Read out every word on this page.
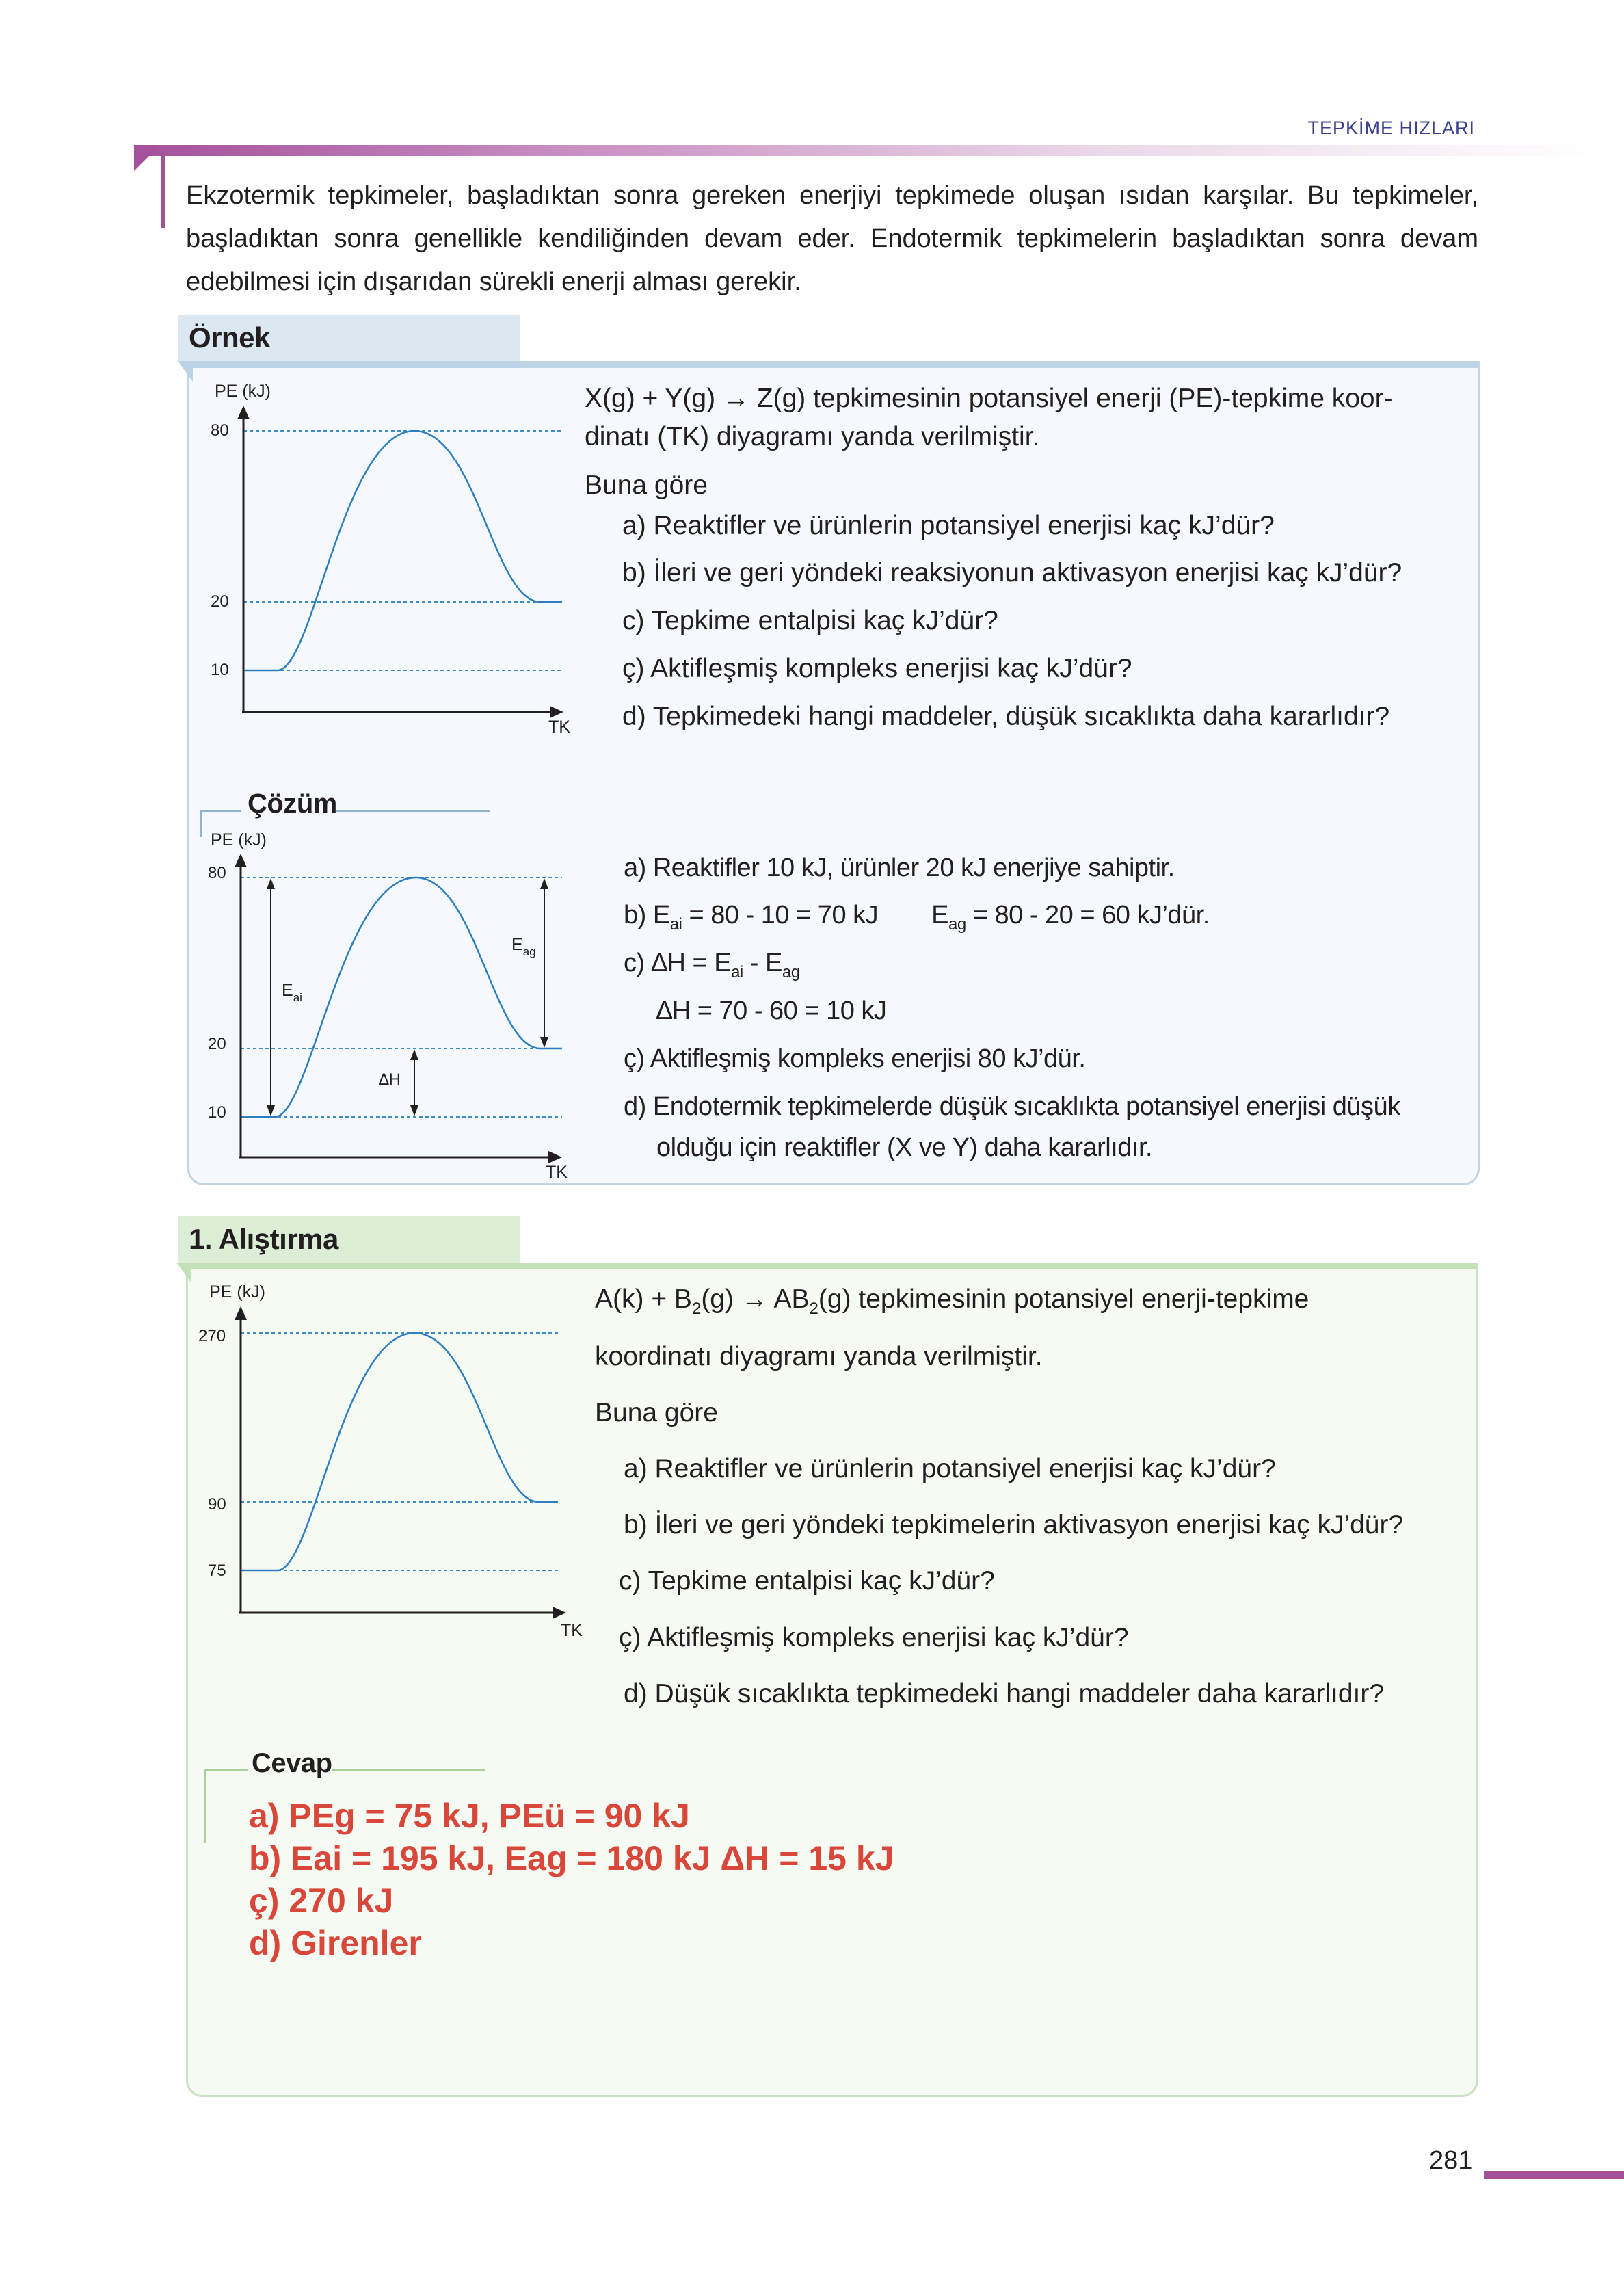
TEPKİME HIZLARI
Ekzotermik tepkimeler, başladıktan sonra gereken enerjiyi tepkimede oluşan ısıdan karşılar. Bu tepkimeler, başladıktan sonra genellikle kendiliğinden devam eder. Endotermik tepkimelerin başladıktan sonra devam edebilmesi için dışarıdan sürekli enerji alması gerekir.
Örnek
PE (kJ)
80
20
10
TK
X(g) + Y(g) → Z(g) tepkimesinin potansiyel enerji (PE)-tepkime koor-
dinatı (TK) diyagramı yanda verilmiştir.
Buna göre
a) Reaktifler ve ürünlerin potansiyel enerjisi kaç kJ’dür?
b) İleri ve geri yöndeki reaksiyonun aktivasyon enerjisi kaç kJ’dür?
c) Tepkime entalpisi kaç kJ’dür?
ç) Aktifleşmiş kompleks enerjisi kaç kJ’dür?
d) Tepkimedeki hangi maddeler, düşük sıcaklıkta daha kararlıdır?
Çözüm
PE (kJ)
80
20
10
TK
$E_{ai}$
$E_{ag}$
∆H
a) Reaktifler 10 kJ, ürünler 20 kJ enerjiye sahiptir.
b) $E_{ai} = 80 - 10 = 70$ kJ $E_{ag} = 80 - 20 = 60$ kJ’dür.
c) $\Delta H = E_{ai} - E_{ag}$
∆H = 70 - 60 = 10 kJ
ç) Aktifleşmiş kompleks enerjisi 80 kJ’dür.
d) Endotermik tepkimelerde düşük sıcaklıkta potansiyel enerjisi düşük
olduğu için reaktifler (X ve Y) daha kararlıdır.
1. Alıştırma
PE (kJ)
270
90
75
TK
$A(k) + B_2(g) \to AB_2(g)$ tepkimesinin potansiyel enerji-tepkime
koordinatı diyagramı yanda verilmiştir.
Buna göre
a) Reaktifler ve ürünlerin potansiyel enerjisi kaç kJ’dür?
b) İleri ve geri yöndeki tepkimelerin aktivasyon enerjisi kaç kJ’dür?
c) Tepkime entalpisi kaç kJ’dür?
ç) Aktifleşmiş kompleks enerjisi kaç kJ’dür?
d) Düşük sıcaklıkta tepkimedeki hangi maddeler daha kararlıdır?
Cevap
a) PEg = 75 kJ, PEü = 90 kJ
b) Eai = 195 kJ, Eag = 180 kJ ΔH = 15 kJ
ç) 270 kJ
d) Girenler
281
